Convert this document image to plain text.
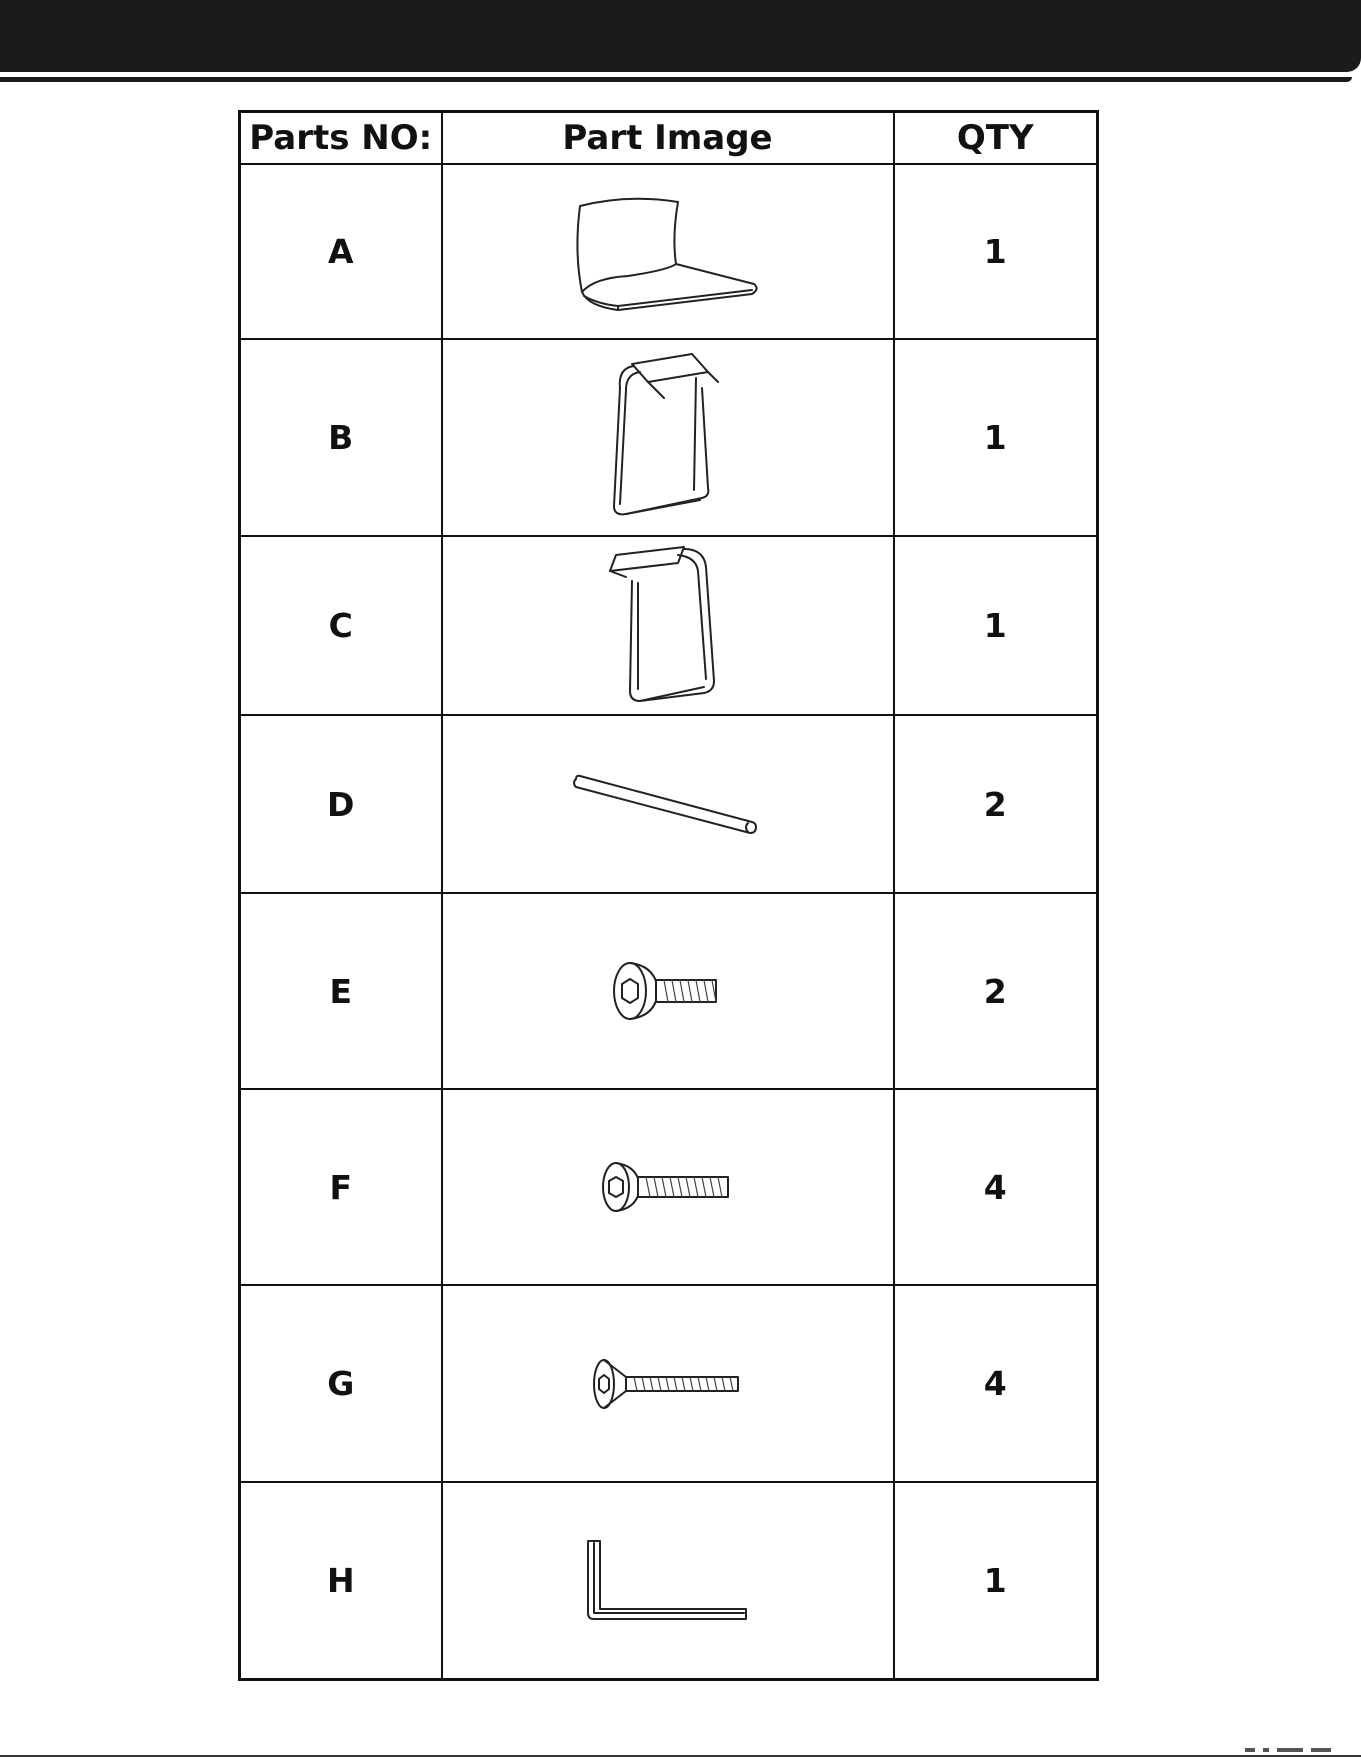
Parts NO:	Part Image	QTY
A		1
B		1
C		1
D		2
E		2
F		4
G		4
H		1
